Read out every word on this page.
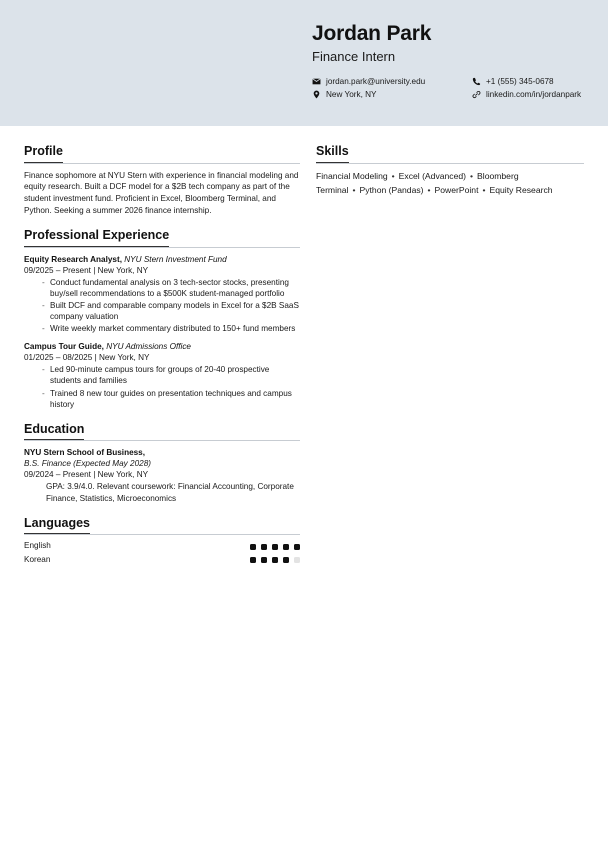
Jordan Park
Finance Intern
jordan.park@university.edu	+1 (555) 345-0678
New York, NY	linkedin.com/in/jordanpark
Profile

Finance sophomore at NYU Stern with experience in financial modeling and equity research. Built a DCF model for a $2B tech company as part of the student investment fund. Proficient in Excel, Bloomberg Terminal, and Python. Seeking a summer 2026 finance internship.

Professional Experience

Equity Research Analyst, NYU Stern Investment Fund

09/2025 – Present | New York, NY

- Conduct fundamental analysis on 3 tech-sector stocks, presenting buy/sell recommendations to a $500K student-managed portfolio
- Built DCF and comparable company models in Excel for a $2B SaaS company valuation
- Write weekly market commentary distributed to 150+ fund members

Campus Tour Guide, NYU Admissions Office

01/2025 – 08/2025 | New York, NY

- Led 90-minute campus tours for groups of 20-40 prospective students and families
- Trained 8 new tour guides on presentation techniques and campus history
Education

NYU Stern School of Business,

B.S. Finance (Expected May 2028)

09/2024 – Present | New York, NY

GPA: 3.9/4.0. Relevant coursework: Financial Accounting, Corporate Finance, Statistics, Microeconomics

Languages
English
Korean
Skills

Financial Modeling • Excel (Advanced) • Bloomberg Terminal • Python (Pandas) • PowerPoint • Equity Research
